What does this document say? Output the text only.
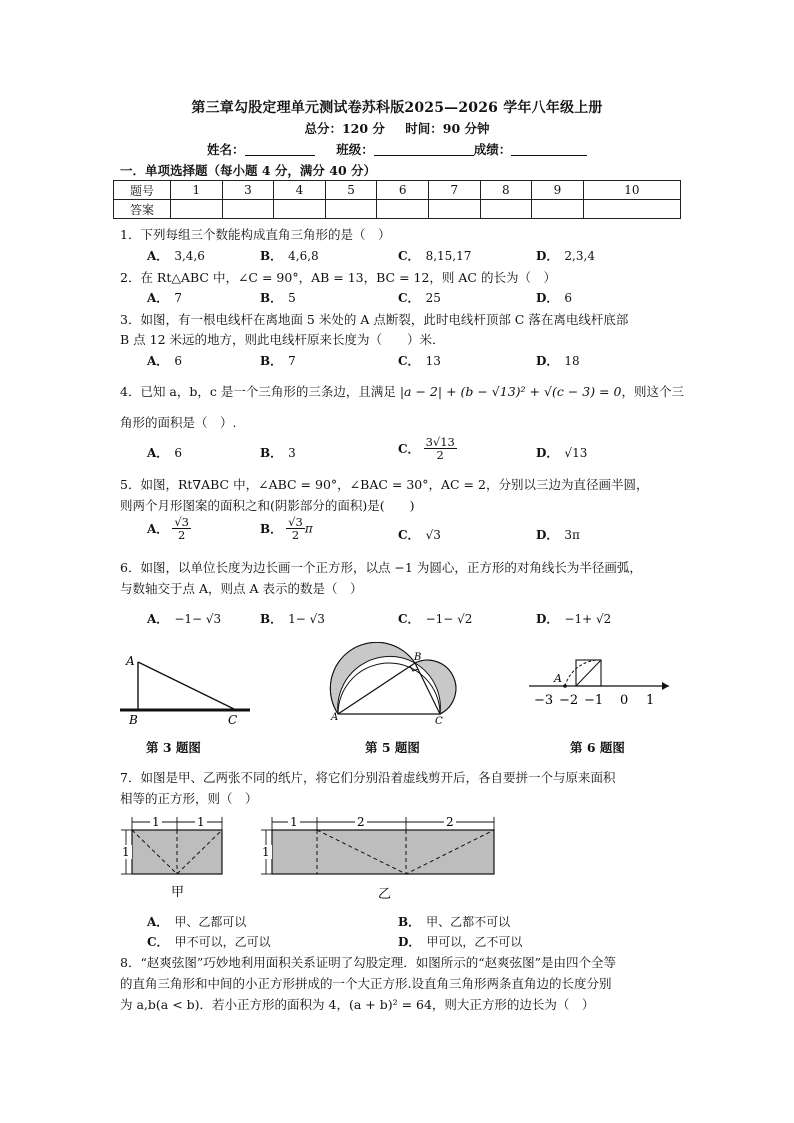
第三章勾股定理单元测试卷苏科版2025—2026 学年八年级上册
总分：120 分 时间：90 分钟
姓名：	班级：	成绩：
一．单项选择题（每小题 4 分，满分 40 分）
题号	1	3	4	5	6	7	8	9	10
答案									
1．下列每组三个数能构成直角三角形的是（　）
A． 3,4,6	B． 4,6,8	C． 8,15,17	D． 2,3,4
2．在 Rt△ABC 中，∠C = 90°，AB = 13，BC = 12，则 AC 的长为（　）
A． 7	B． 5	C． 25	D． 6
3．如图，有一根电线杆在离地面 5 米处的 A 点断裂，此时电线杆顶部 C 落在离电线杆底部
B 点 12 米远的地方，则此电线杆原来长度为（　　）米．
A． 6	B． 7	C． 13	D． 18
4．已知 a，b，c 是一个三角形的三条边，且满足 |a − 2| + (b − √13)² + √(c − 3) = 0，则这个三
角形的面积是（　）.
A． 6	B． 3	C． $\frac{3√13}{2}$	D． √13
5．如图，Rt∇ABC 中，∠ABC = 90°，∠BAC = 30°，AC = 2，分别以三边为直径画半圆，
则两个月形图案的面积之和(阴影部分的面积)是(　　)
A． $\frac{√3}{2}$	B． $\frac{√3}{2}$ π	C． √3	D． 3π
6．如图，以单位长度为边长画一个正方形，以点 −1 为圆心，正方形的对角线长为半径画弧，
与数轴交于点 A，则点 A 表示的数是（　）
A． −1− √3	B． 1− √3	C． −1− √2	D． −1+ √2
A
B	C
第 3 题图
A
B
C
第 5 题图
A
−3 −2 −1 0 1
第 6 题图
7．如图是甲、乙两张不同的纸片，将它们分别沿着虚线剪开后，各自要拼一个与原来面积
相等的正方形，则（　）
1	1
1
甲
1	2	2
1
乙
A． 甲、乙都可以	B． 甲、乙都不可以
C． 甲不可以，乙可以	D． 甲可以，乙不可以
8．“赵爽弦图”巧妙地利用面积关系证明了勾股定理．如图所示的“赵爽弦图”是由四个全等
的直角三角形和中间的小正方形拼成的一个大正方形.设直角三角形两条直角边的长度分别
为 a,b(a < b)．若小正方形的面积为 4，(a + b)² = 64，则大正方形的边长为（　）
